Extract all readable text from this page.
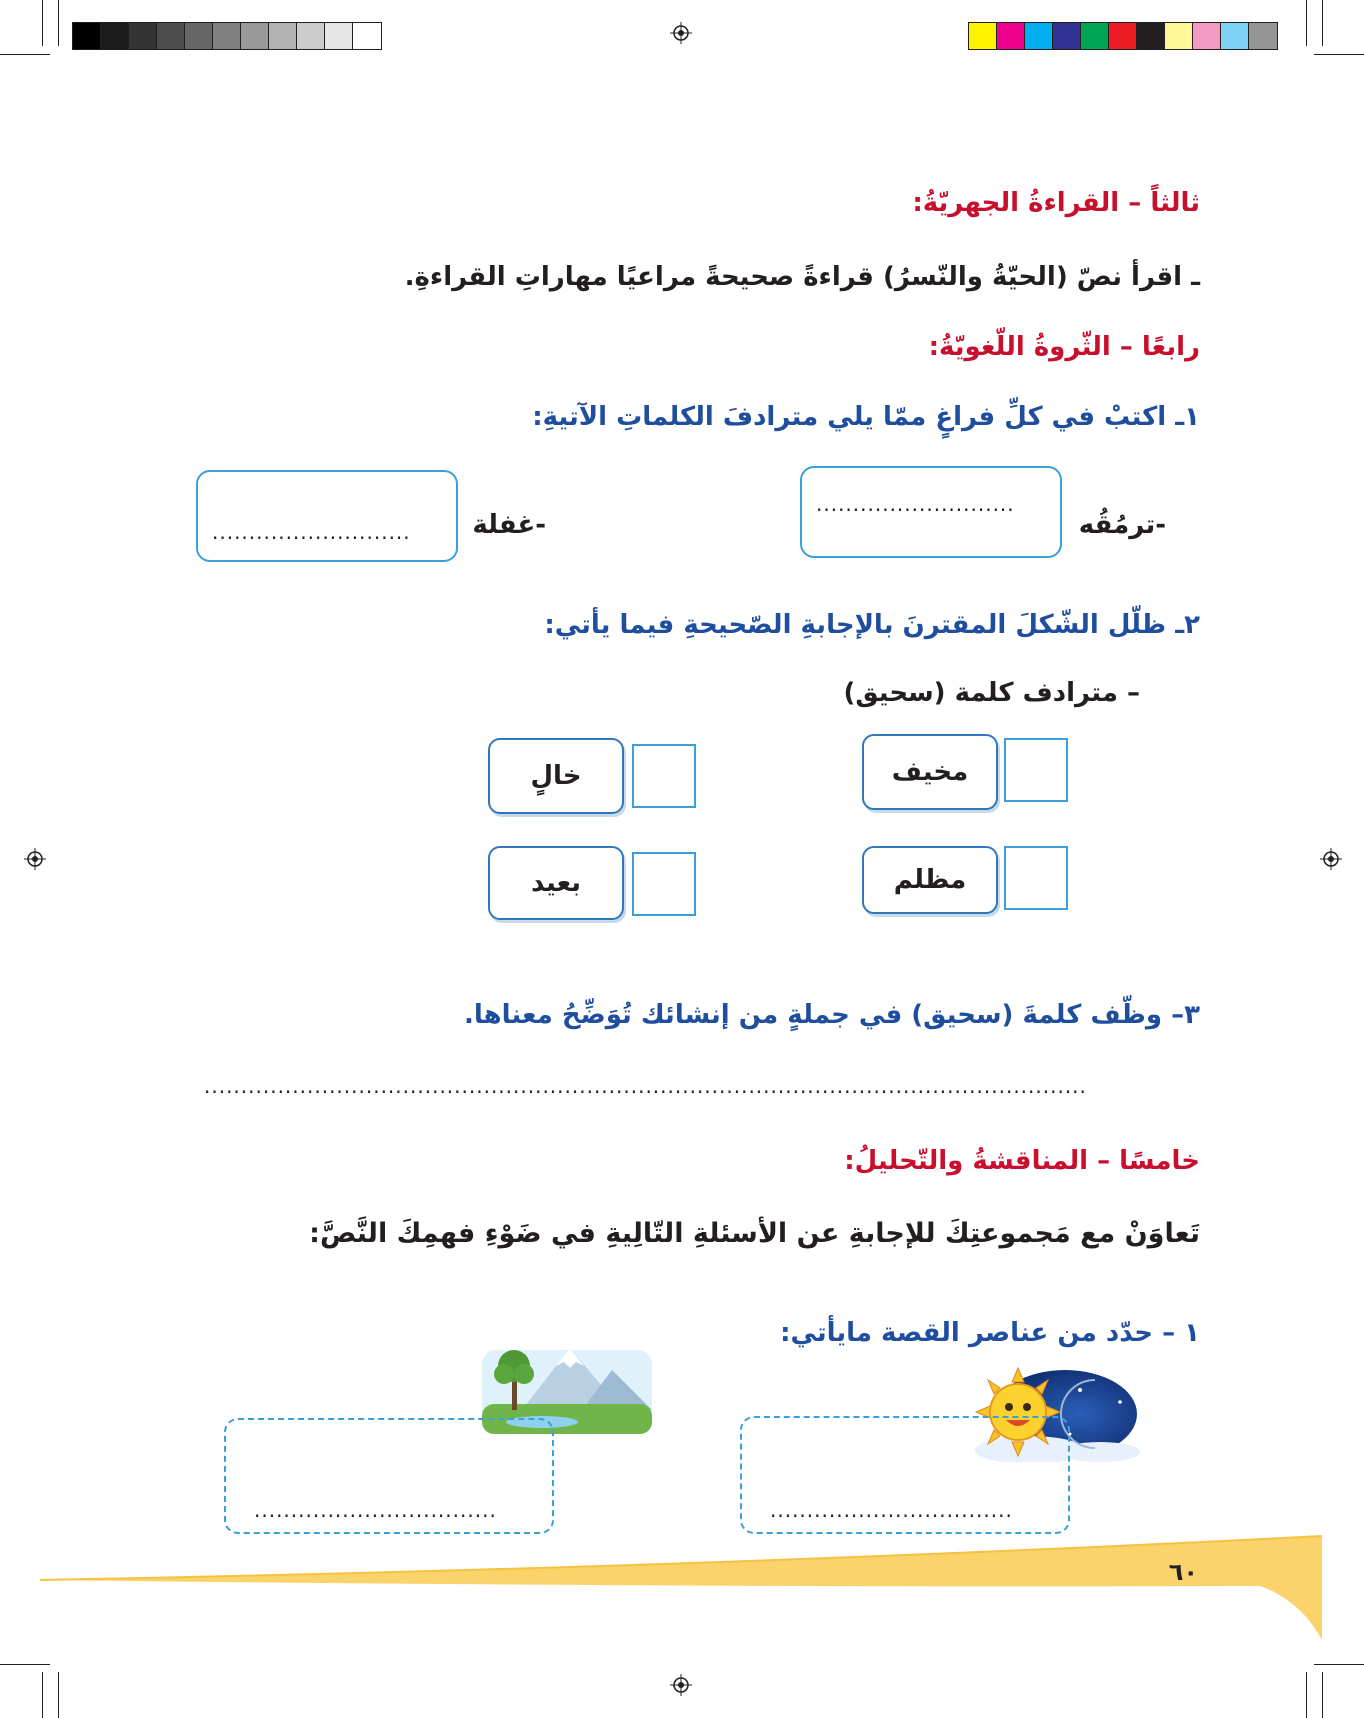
ثالثاً – القراءةُ الجهريّةُ:
ـ اقرأ نصّ (الحيّةُ والنّسرُ) قراءةً صحيحةً مراعيًا مهاراتِ القراءةِ.
رابعًا – الثّروةُ اللّغويّةُ:
١ـ اكتبْ في كلِّ فراغٍ ممّا يلي مترادفَ الكلماتِ الآتيةِ:
-ترمُقُه
...........................
-غفلة
...........................
٢ـ ظلّل الشّكلَ المقترنَ بالإجابةِ الصّحيحةِ فيما يأتي:
– مترادف كلمة (سحيق)
مخيف
خالٍ
مظلم
بعيد
٣– وظّف كلمةَ (سحيق) في جملةٍ من إنشائك تُوَضِّحُ معناها.
........................................................................................................................
خامسًا – المناقشةُ والتّحليلُ:
تَعاوَنْ مع مَجموعتِكَ للإجابةِ عن الأسئلةِ التّالِيةِ في ضَوْءِ فهمِكَ النَّصَّ:
١ – حدّد من عناصر القصة مايأتي:
.................................
.................................
٦٠
